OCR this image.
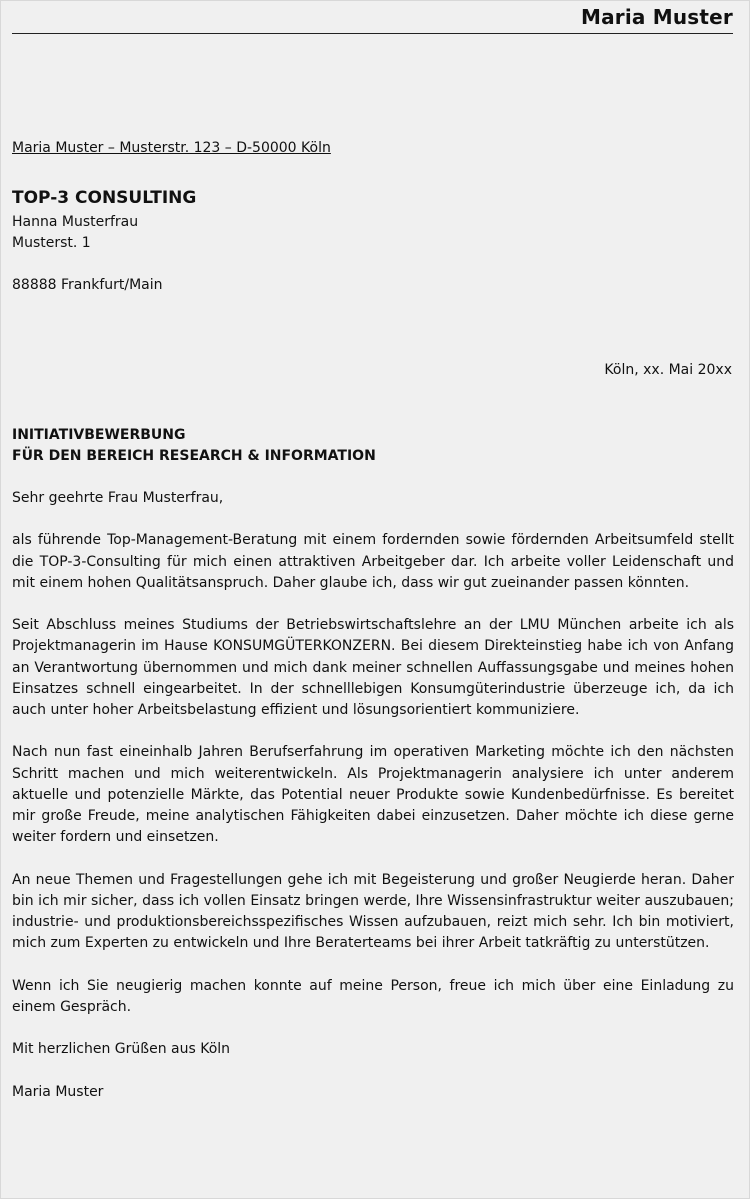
Maria Muster
Maria Muster – Musterstr. 123 – D-50000 Köln
TOP-3 CONSULTING
Hanna Musterfrau
Musterst. 1
88888 Frankfurt/Main
Köln, xx. Mai 20xx
INITIATIVBEWERBUNG
FÜR DEN BEREICH RESEARCH & INFORMATION

Sehr geehrte Frau Musterfrau,

als führende Top-Management-Beratung mit einem fordernden sowie fördernden Arbeitsumfeld stellt die TOP-3-Consulting für mich einen attraktiven Arbeitgeber dar. Ich arbeite voller Leidenschaft und mit einem hohen Qualitätsanspruch. Daher glaube ich, dass wir gut zueinander passen könnten.

Seit Abschluss meines Studiums der Betriebswirtschaftslehre an der LMU München arbeite ich als Projektmanagerin im Hause KONSUMGÜTERKONZERN. Bei diesem Direkteinstieg habe ich von Anfang an Verantwortung übernommen und mich dank meiner schnellen Auffassungsgabe und meines hohen Einsatzes schnell eingearbeitet. In der schnelllebigen Konsumgüterindustrie überzeuge ich, da ich auch unter hoher Arbeitsbelastung effizient und lösungsorientiert kommuniziere.

Nach nun fast eineinhalb Jahren Berufserfahrung im operativen Marketing möchte ich den nächsten Schritt machen und mich weiterentwickeln. Als Projektmanagerin analysiere ich unter anderem aktuelle und potenzielle Märkte, das Potential neuer Produkte sowie Kundenbedürfnisse. Es bereitet mir große Freude, meine analytischen Fähigkeiten dabei einzusetzen. Daher möchte ich diese gerne weiter fordern und einsetzen.

An neue Themen und Fragestellungen gehe ich mit Begeisterung und großer Neugierde heran. Daher bin ich mir sicher, dass ich vollen Einsatz bringen werde, Ihre Wissensinfrastruktur weiter auszubauen; industrie- und produktionsbereichsspezifisches Wissen aufzubauen, reizt mich sehr. Ich bin motiviert, mich zum Experten zu entwickeln und Ihre Beraterteams bei ihrer Arbeit tatkräftig zu unterstützen.

Wenn ich Sie neugierig machen konnte auf meine Person, freue ich mich über eine Einladung zu einem Gespräch.

Mit herzlichen Grüßen aus Köln

Maria Muster
